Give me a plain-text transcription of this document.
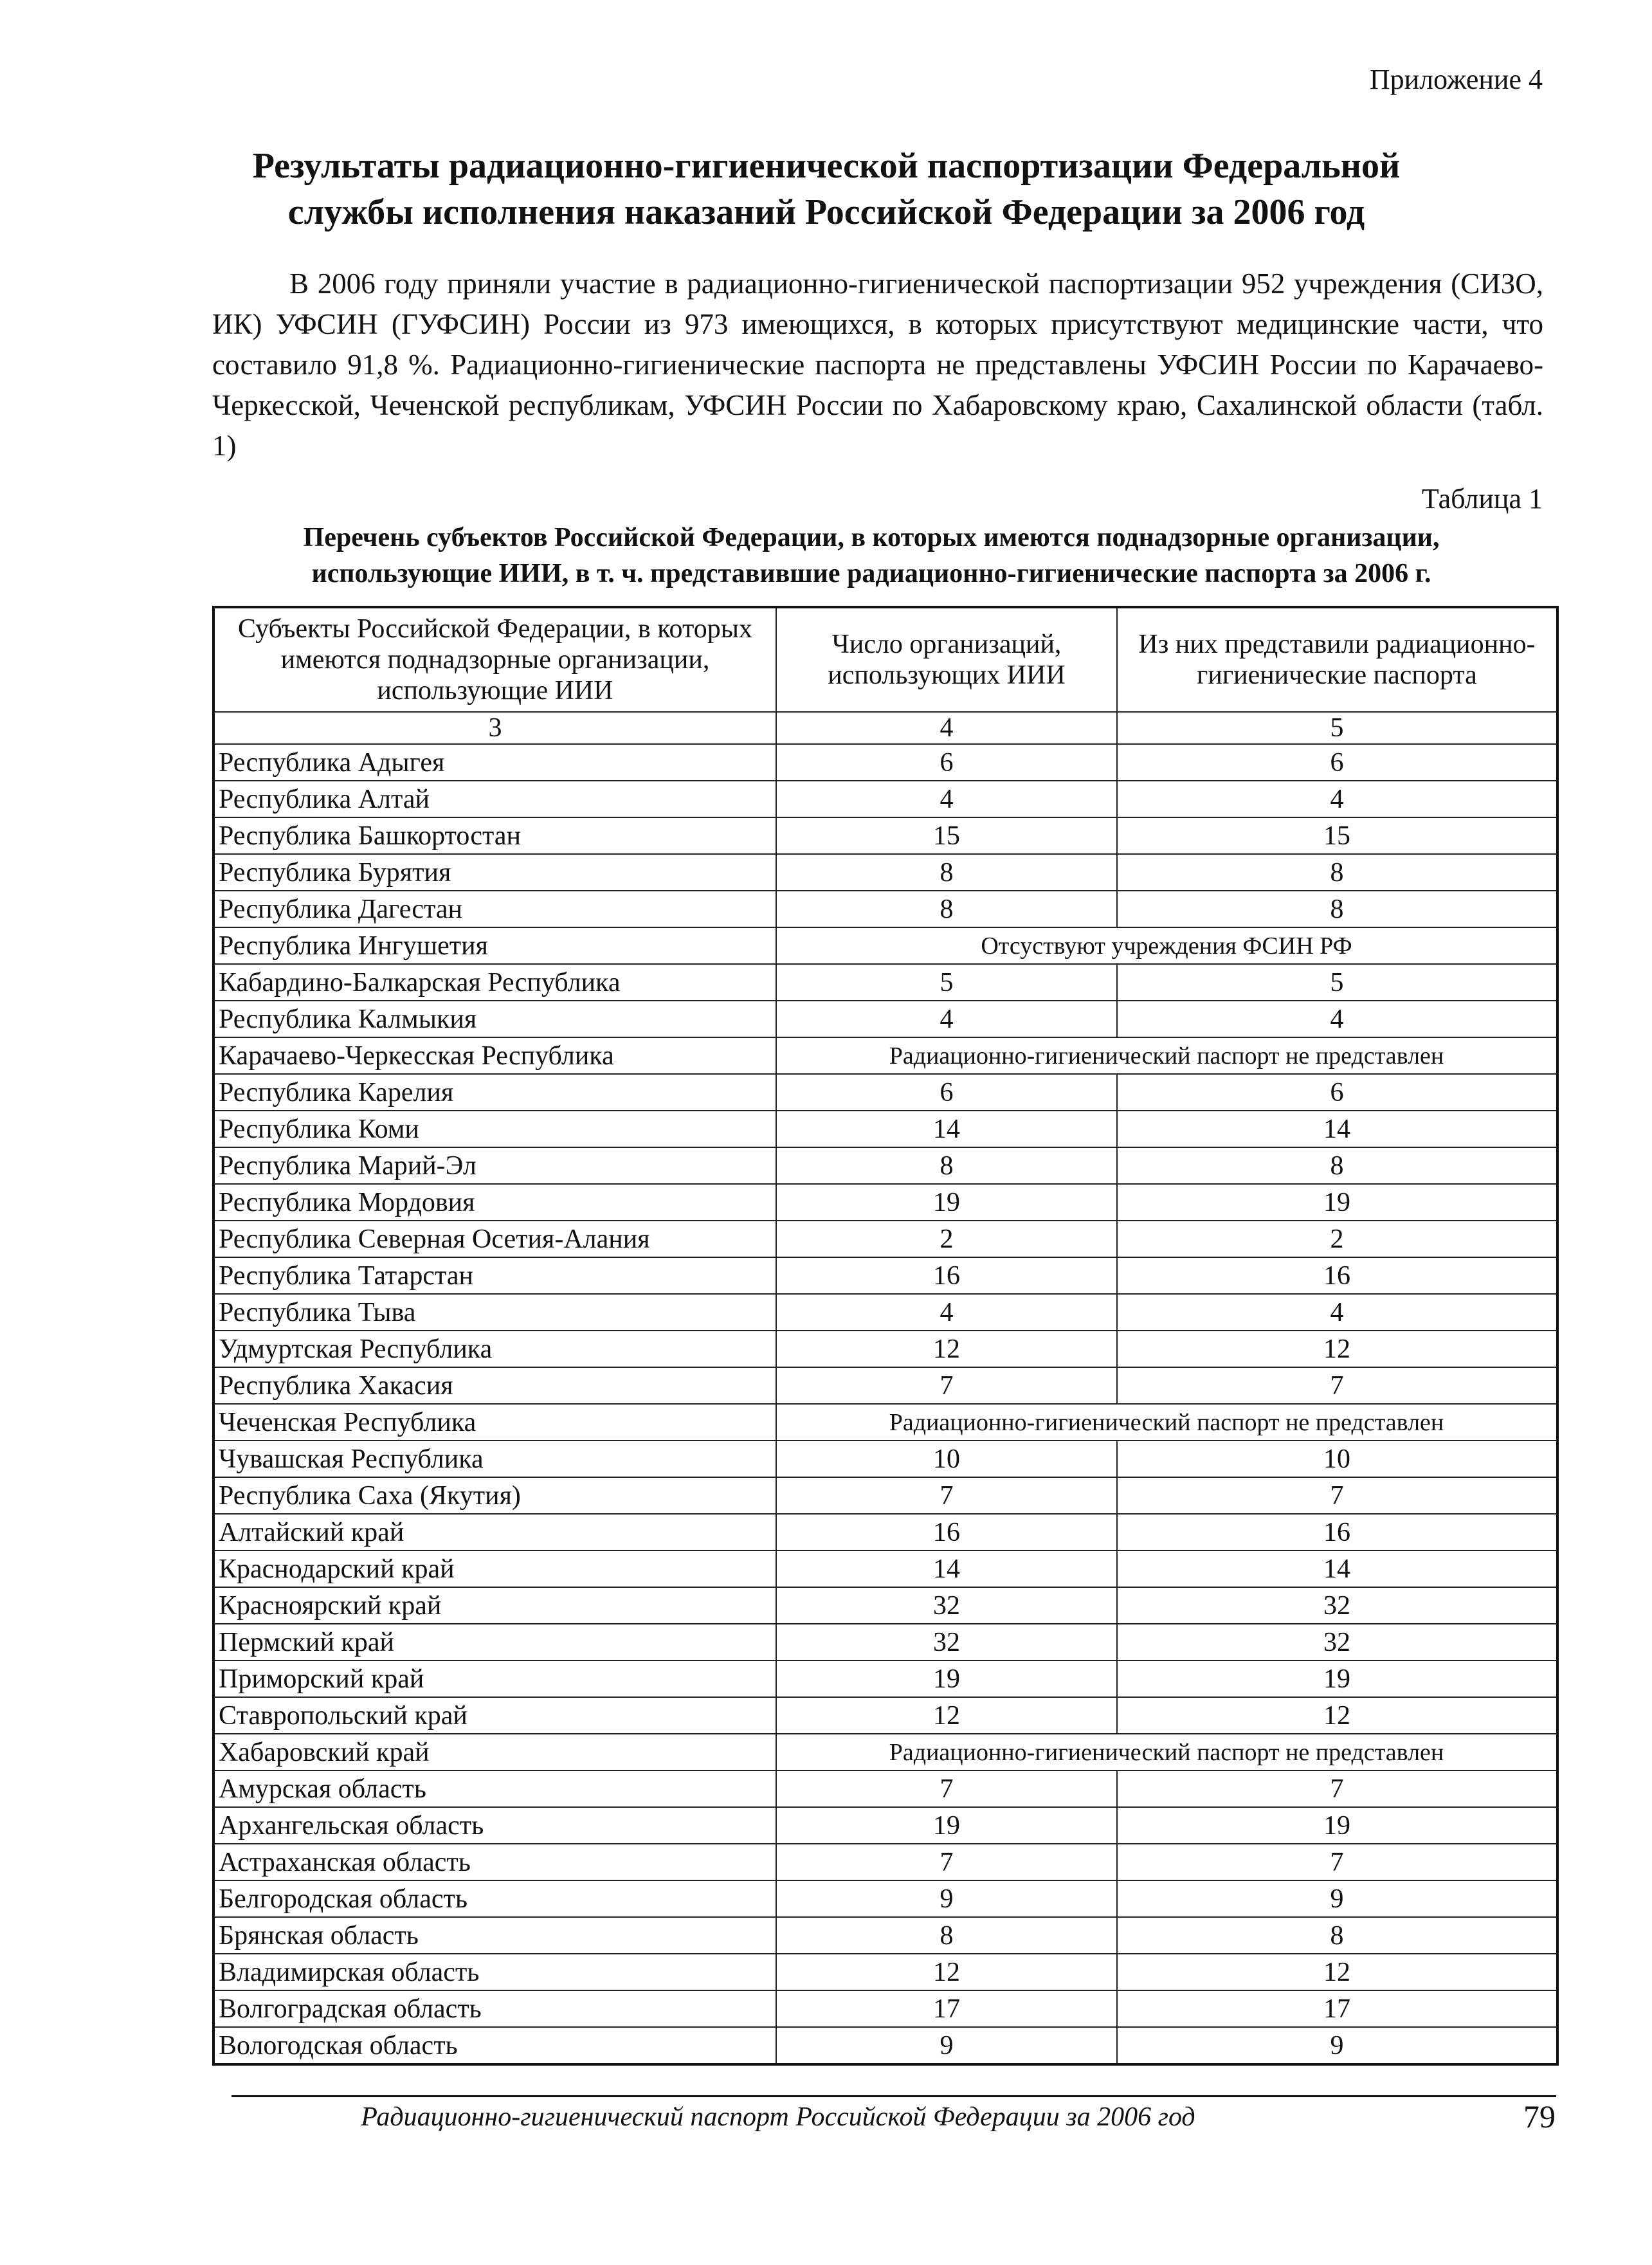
Приложение 4
Результаты радиационно-гигиенической паспортизации Федеральной
службы исполнения наказаний Российской Федерации за 2006 год
В 2006 году приняли участие в радиационно-гигиенической паспортизации 952 учреждения (СИЗО, ИК) УФСИН (ГУФСИН) России из 973 имеющихся, в которых присутствуют медицинские части, что составило 91,8 %. Радиационно-гигиенические паспорта не представлены УФСИН России по Карачаево-Черкесской, Чеченской республикам, УФСИН России по Хабаровскому краю, Сахалинской области (табл. 1)
Таблица 1
Перечень субъектов Российской Федерации, в которых имеются поднадзорные организации,
использующие ИИИ, в т. ч. представившие радиационно-гигиенические паспорта за 2006 г.
Субъекты Российской Федерации, в которых имеются поднадзорные организации, использующие ИИИ	Число организаций, использующих ИИИ	Из них представили радиационно-гигиенические паспорта
3	4	5
Республика Адыгея	6	6
Республика Алтай	4	4
Республика Башкортостан	15	15
Республика Бурятия	8	8
Республика Дагестан	8	8
Республика Ингушетия	Отсуствуют учреждения ФСИН РФ	
Кабардино-Балкарская Республика	5	5
Республика Калмыкия	4	4
Карачаево-Черкесская Республика	Радиационно-гигиенический паспорт не представлен	
Республика Карелия	6	6
Республика Коми	14	14
Республика Марий-Эл	8	8
Республика Мордовия	19	19
Республика Северная Осетия-Алания	2	2
Республика Татарстан	16	16
Республика Тыва	4	4
Удмуртская Республика	12	12
Республика Хакасия	7	7
Чеченская Республика	Радиационно-гигиенический паспорт не представлен	
Чувашская Республика	10	10
Республика Саха (Якутия)	7	7
Алтайский край	16	16
Краснодарский край	14	14
Красноярский край	32	32
Пермский край	32	32
Приморский край	19	19
Ставропольский край	12	12
Хабаровский край	Радиационно-гигиенический паспорт не представлен	
Амурская область	7	7
Архангельская область	19	19
Астраханская область	7	7
Белгородская область	9	9
Брянская область	8	8
Владимирская область	12	12
Волгоградская область	17	17
Вологодская область	9	9
Радиационно-гигиенический паспорт Российской Федерации за 2006 год	79
